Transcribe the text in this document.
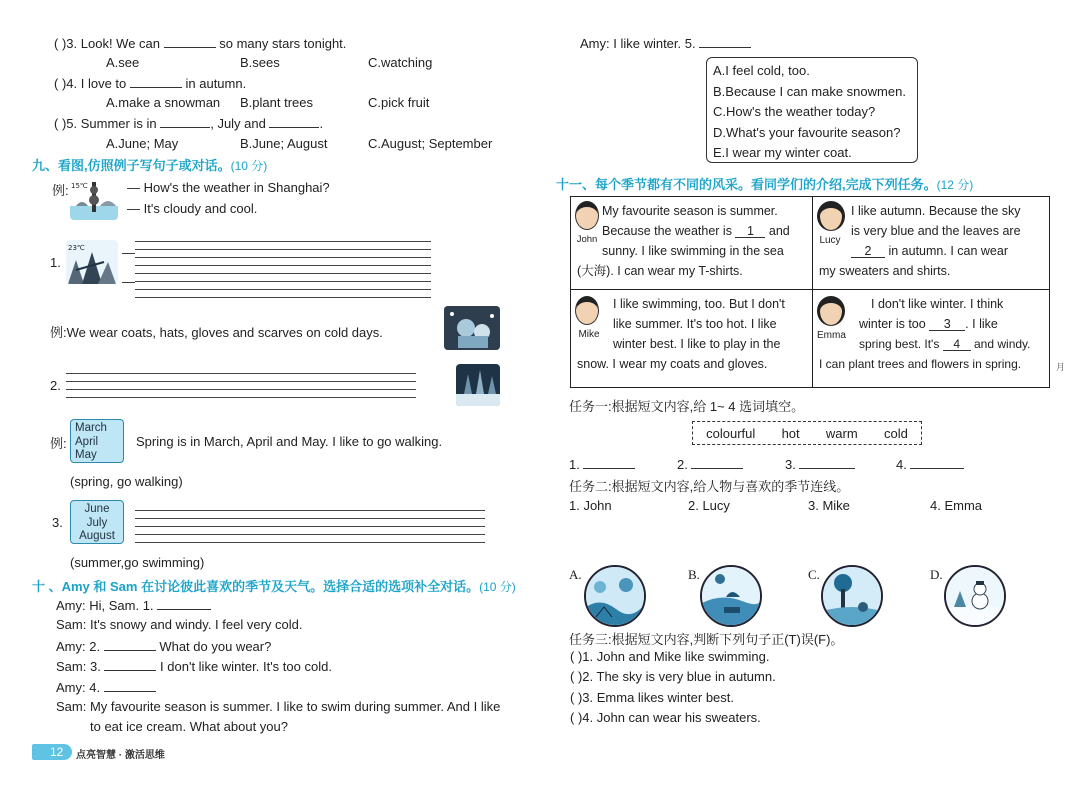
( )3. Look! We can	so many stars tonight.
A.see	B.sees	C.watching
( )4. I love to	in autumn.
A.make a snowman B.plant trees	C.pick fruit
( )5. Summer is in	, July and	.
A.June; May	B.June; August	C.August; September
九、看图,仿照例子写句子或对话。(10 分)
例: 15℃	— How's the weather in Shanghai?
— It's cloudy and cool.
1.
23℃	—
—
例:We wear coats, hats, gloves and scarves on cold days.
2.
例:
March
April
May
Spring is in March, April and May. I like to go walking.
(spring, go walking)
3.
June
July
August
(summer,go swimming)
十 、Amy 和 Sam 在讨论彼此喜欢的季节及天气。选择合适的选项补全对话。(10 分)
Amy: Hi, Sam. 1.
Sam: It's snowy and windy. I feel very cold.
Amy: 2.	What do you wear?
Sam: 3.	I don't like winter. It's too cold.
Amy: 4.
Sam: My favourite season is summer. I like to swim during summer. And I like
to eat ice cream. What about you?
12 点亮智慧 · 激活思维
Amy: I like winter. 5.
A.I feel cold, too.
B.Because I can make snowmen.
C.How's the weather today?
D.What's your favourite season?
E.I wear my winter coat.
十一、每个季节都有不同的风采。看同学们的介绍,完成下列任务。(12 分)
John
My favourite season is summer.
Because the weather is 1 and
sunny. I like swimming in the sea
(大海). I can wear my T-shirts.
Lucy
I like autumn. Because the sky
is very blue and the leaves are
2 in autumn. I can wear
my sweaters and shirts.
Mike
I like swimming, too. But I don't
like summer. It's too hot. I like
winter best. I like to play in the
snow. I wear my coats and gloves.
Emma
I don't like winter. I think
winter is too 3 . I like
spring best. It's 4 and windy.
I can plant trees and flowers in spring.	月
任务一:根据短文内容,给 1~ 4 选词填空。
colourful hot warm cold
1.	2.	3.	4.
任务二:根据短文内容,给人物与喜欢的季节连线。
1. John	2. Lucy	3. Mike	4. Emma
A.	B.	C.	D.
任务三:根据短文内容,判断下列句子正(T)误(F)。
( )1. John and Mike like swimming.
( )2. The sky is very blue in autumn.
( )3. Emma likes winter best.
( )4. John can wear his sweaters.
